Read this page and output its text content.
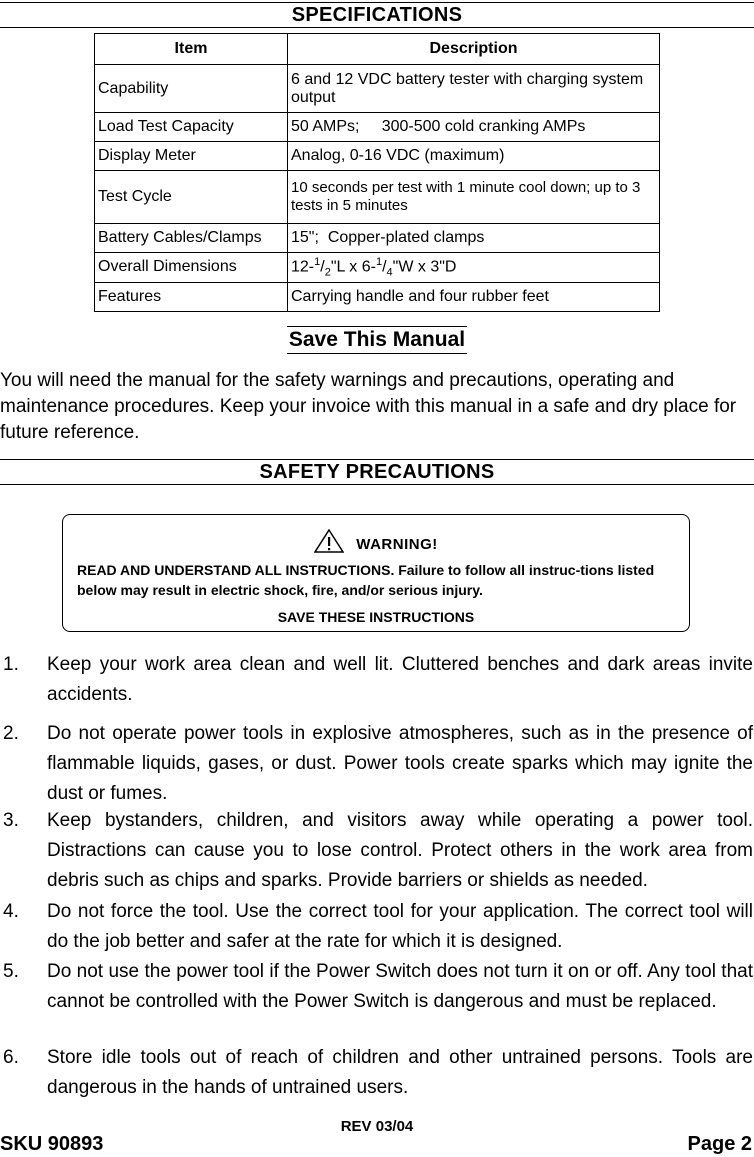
SPECIFICATIONS
Item	Description
Capability	6 and 12 VDC battery tester with charging system output
Load Test Capacity	50 AMPs;     300-500 cold cranking AMPs
Display Meter	Analog, 0-16 VDC (maximum)
Test Cycle	10 seconds per test with 1 minute cool down; up to 3 tests in 5 minutes
Battery Cables/Clamps	15";  Copper-plated clamps
Overall Dimensions	$12-^1/_2"L$ x $6-^1/_4"W$ x 3"D
Features	Carrying handle and four rubber feet
Save This Manual
You will need the manual for the safety warnings and precautions, operating and maintenance procedures. Keep your invoice with this manual in a safe and dry place for future reference.
SAFETY PRECAUTIONS
WARNING!
READ AND UNDERSTAND ALL INSTRUCTIONS. Failure to follow all instruc-tions listed below may result in electric shock, fire, and/or serious injury.
SAVE THESE INSTRUCTIONS
1. Keep your work area clean and well lit. Cluttered benches and dark areas invite accidents.
2. Do not operate power tools in explosive atmospheres, such as in the presence of flammable liquids, gases, or dust. Power tools create sparks which may ignite the dust or fumes.
3. Keep bystanders, children, and visitors away while operating a power tool. Distractions can cause you to lose control. Protect others in the work area from debris such as chips and sparks. Provide barriers or shields as needed.
4. Do not force the tool. Use the correct tool for your application. The correct tool will do the job better and safer at the rate for which it is designed.
5. Do not use the power tool if the Power Switch does not turn it on or off. Any tool that cannot be controlled with the Power Switch is dangerous and must be replaced.
6. Store idle tools out of reach of children and other untrained persons. Tools are dangerous in the hands of untrained users.
REV 03/04
SKU 90893	Page 2
